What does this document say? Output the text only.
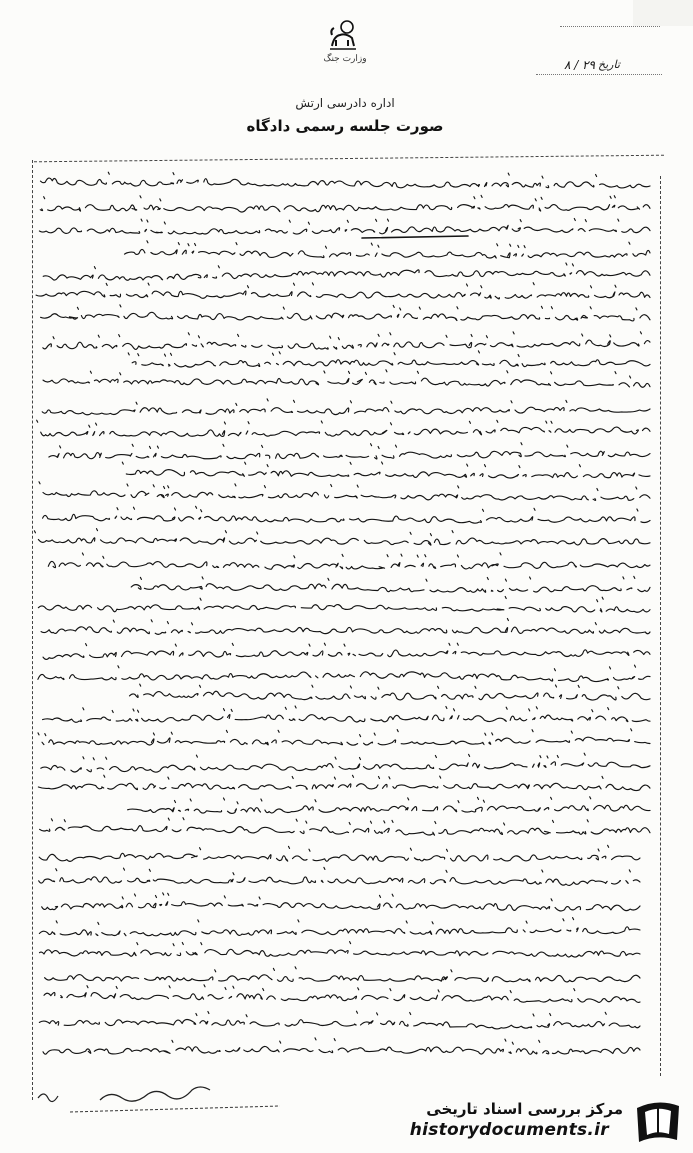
وزارت جنگ	تاریخ
۲۹ / ۸
اداره دادرسی ارتش
صورت جلسه رسمی دادگاه
مرکز بررسی اسناد تاریخی
historydocuments.ir
